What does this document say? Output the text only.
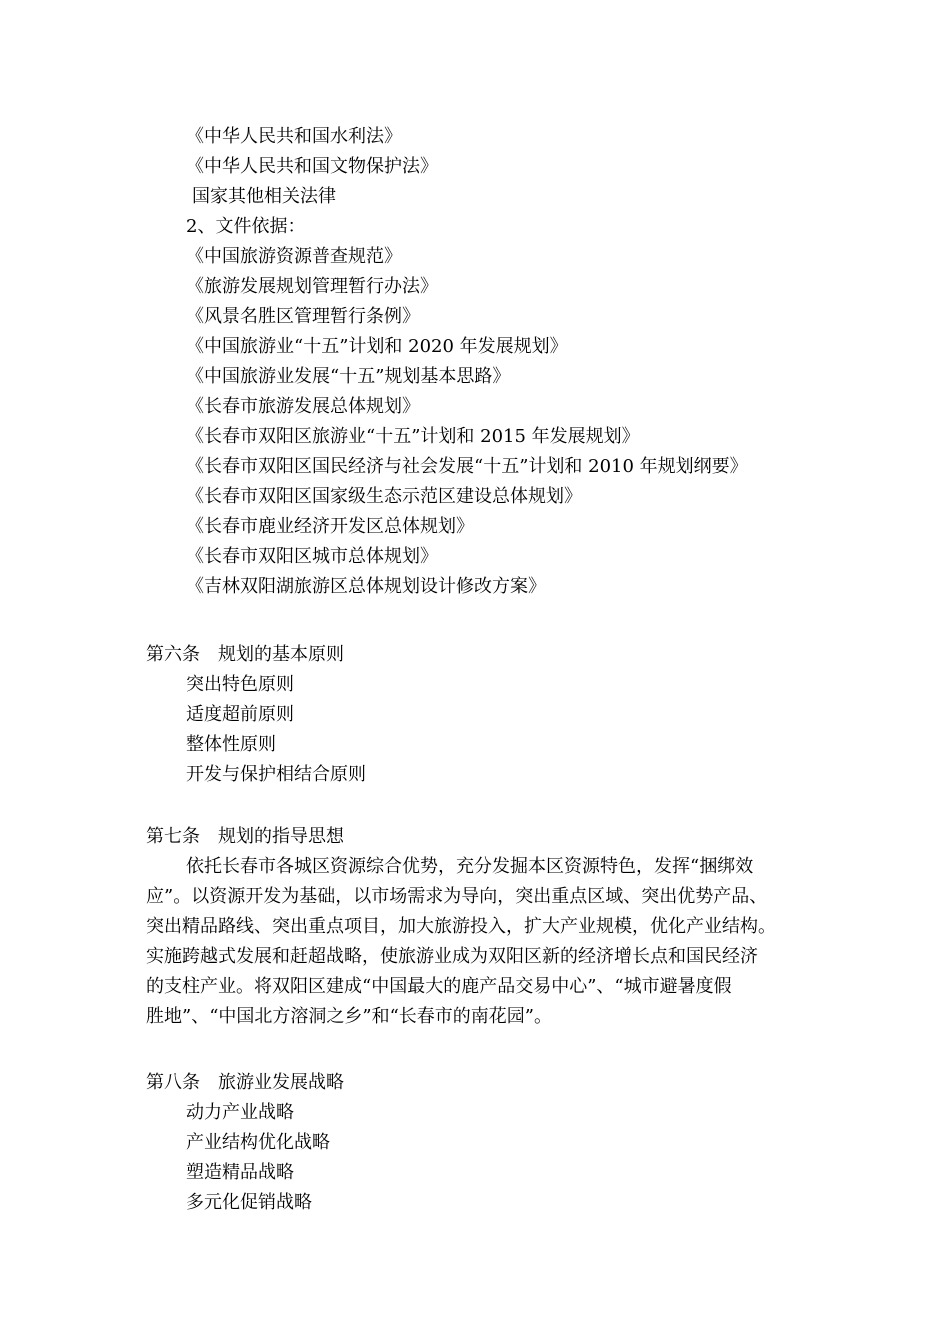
《中华人民共和国水利法》
《中华人民共和国文物保护法》
国家其他相关法律
2、文件依据：
《中国旅游资源普查规范》
《旅游发展规划管理暂行办法》
《风景名胜区管理暂行条例》
《中国旅游业“十五”计划和 2020 年发展规划》
《中国旅游业发展“十五”规划基本思路》
《长春市旅游发展总体规划》
《长春市双阳区旅游业“十五”计划和 2015 年发展规划》
《长春市双阳区国民经济与社会发展“十五”计划和 2010 年规划纲要》
《长春市双阳区国家级生态示范区建设总体规划》
《长春市鹿业经济开发区总体规划》
《长春市双阳区城市总体规划》
《吉林双阳湖旅游区总体规划设计修改方案》
第六条 规划的基本原则
突出特色原则
适度超前原则
整体性原则
开发与保护相结合原则
第七条 规划的指导思想
依托长春市各城区资源综合优势，充分发掘本区资源特色，发挥“捆绑效
应”。以资源开发为基础，以市场需求为导向，突出重点区域、突出优势产品、
突出精品路线、突出重点项目，加大旅游投入，扩大产业规模，优化产业结构。
实施跨越式发展和赶超战略，使旅游业成为双阳区新的经济增长点和国民经济
的支柱产业。将双阳区建成“中国最大的鹿产品交易中心”、“城市避暑度假
胜地”、“中国北方溶洞之乡”和“长春市的南花园”。
第八条 旅游业发展战略
动力产业战略
产业结构优化战略
塑造精品战略
多元化促销战略
